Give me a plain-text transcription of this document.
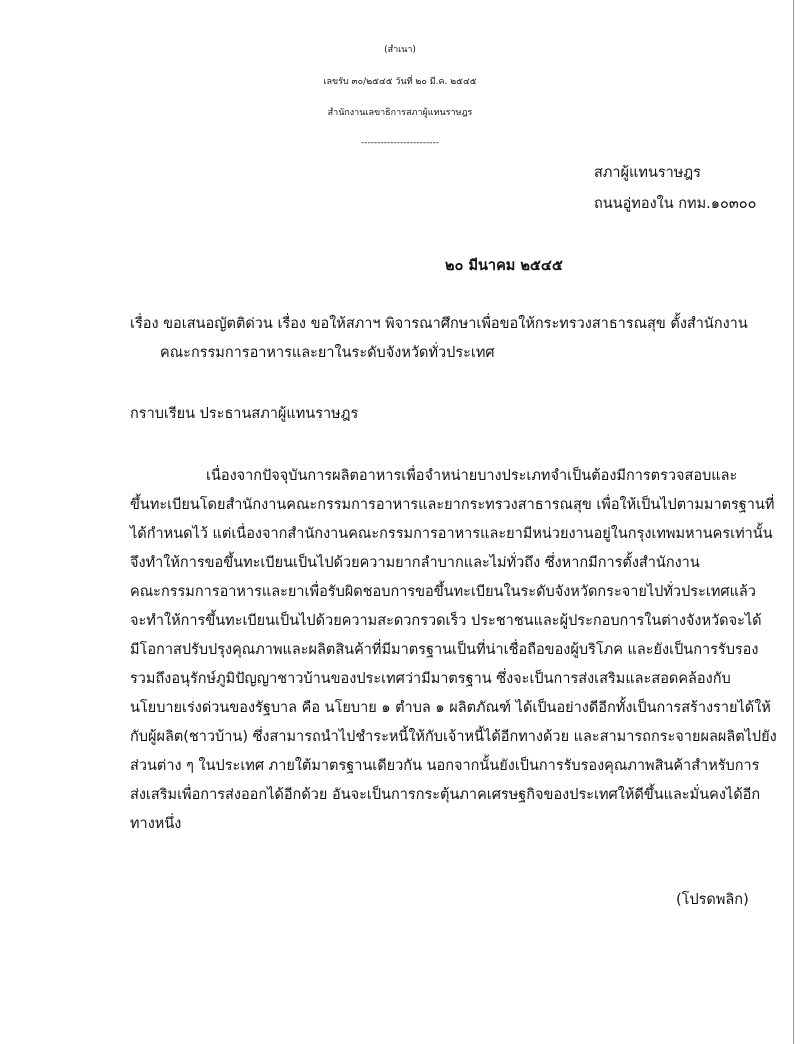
(สำเนา)
เลขรับ ๓๐/๒๕๔๕ วันที่ ๒๐ มี.ค. ๒๕๔๕
สำนักงานเลขาธิการสภาผู้แทนราษฎร
------------------------
สภาผู้แทนราษฎร
ถนนอู่ทองใน กทม.๑๐๓๐๐
๒๐ มีนาคม ๒๕๔๕
เรื่อง ขอเสนอญัตติด่วน เรื่อง ขอให้สภาฯ พิจารณาศึกษาเพื่อขอให้กระทรวงสาธารณสุข ตั้งสำนักงาน
คณะกรรมการอาหารและยาในระดับจังหวัดทั่วประเทศ
กราบเรียน ประธานสภาผู้แทนราษฎร
เนื่องจากปัจจุบันการผลิตอาหารเพื่อจำหน่ายบางประเภทจำเป็นต้องมีการตรวจสอบและ
ขึ้นทะเบียนโดยสำนักงานคณะกรรมการอาหารและยากระทรวงสาธารณสุข เพื่อให้เป็นไปตามมาตรฐานที่
ได้กำหนดไว้ แต่เนื่องจากสำนักงานคณะกรรมการอาหารและยามีหน่วยงานอยู่ในกรุงเทพมหานครเท่านั้น
จึงทำให้การขอขึ้นทะเบียนเป็นไปด้วยความยากลำบากและไม่ทั่วถึง ซึ่งหากมีการตั้งสำนักงาน
คณะกรรมการอาหารและยาเพื่อรับผิดชอบการขอขึ้นทะเบียนในระดับจังหวัดกระจายไปทั่วประเทศแล้ว
จะทำให้การขึ้นทะเบียนเป็นไปด้วยความสะดวกรวดเร็ว ประชาชนและผู้ประกอบการในต่างจังหวัดจะได้
มีโอกาสปรับปรุงคุณภาพและผลิตสินค้าที่มีมาตรฐานเป็นที่น่าเชื่อถือของผู้บริโภค และยังเป็นการรับรอง
รวมถึงอนุรักษ์ภูมิปัญญาชาวบ้านของประเทศว่ามีมาตรฐาน ซึ่งจะเป็นการส่งเสริมและสอดคล้องกับ
นโยบายเร่งด่วนของรัฐบาล คือ นโยบาย ๑ ตำบล ๑ ผลิตภัณฑ์ ได้เป็นอย่างดีอีกทั้งเป็นการสร้างรายได้ให้
กับผู้ผลิต(ชาวบ้าน) ซึ่งสามารถนำไปชำระหนี้ให้กับเจ้าหนี้ได้อีกทางด้วย และสามารถกระจายผลผลิตไปยัง
ส่วนต่าง ๆ ในประเทศ ภายใต้มาตรฐานเดียวกัน นอกจากนั้นยังเป็นการรับรองคุณภาพสินค้าสำหรับการ
ส่งเสริมเพื่อการส่งออกได้อีกด้วย อันจะเป็นการกระตุ้นภาคเศรษฐกิจของประเทศให้ดีขึ้นและมั่นคงได้อีก
ทางหนึ่ง
(โปรดพลิก)
